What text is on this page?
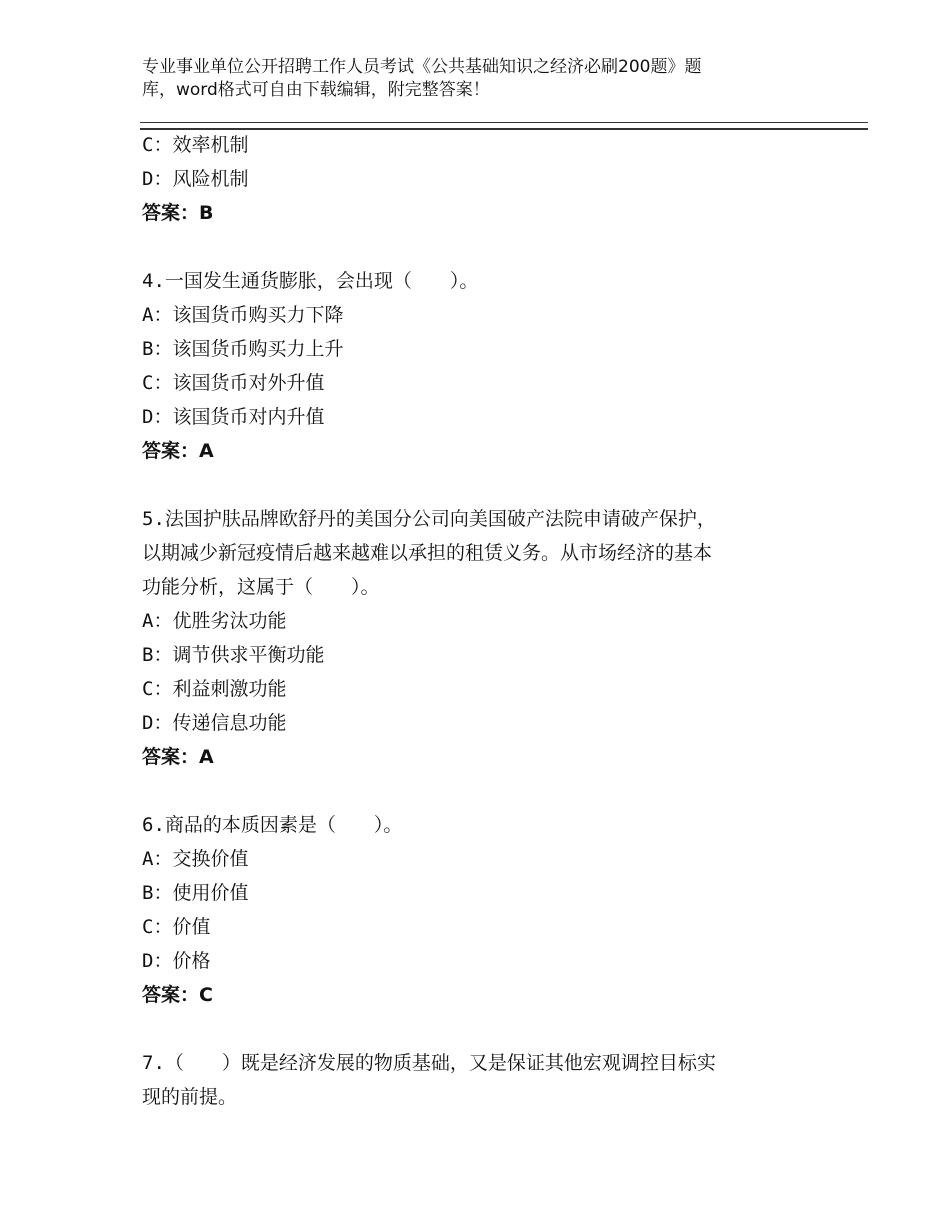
专业事业单位公开招聘工作人员考试《公共基础知识之经济必刷200题》题
库，word格式可自由下载编辑，附完整答案！
C：效率机制
D：风险机制
答案：B
4.一国发生通货膨胀，会出现（　　）。
A：该国货币购买力下降
B：该国货币购买力上升
C：该国货币对外升值
D：该国货币对内升值
答案：A
5.法国护肤品牌欧舒丹的美国分公司向美国破产法院申请破产保护，
以期减少新冠疫情后越来越难以承担的租赁义务。从市场经济的基本
功能分析，这属于（　　）。
A：优胜劣汰功能
B：调节供求平衡功能
C：利益刺激功能
D：传递信息功能
答案：A
6.商品的本质因素是（　　）。
A：交换价值
B：使用价值
C：价值
D：价格
答案：C
7.（　　）既是经济发展的物质基础，又是保证其他宏观调控目标实
现的前提。
